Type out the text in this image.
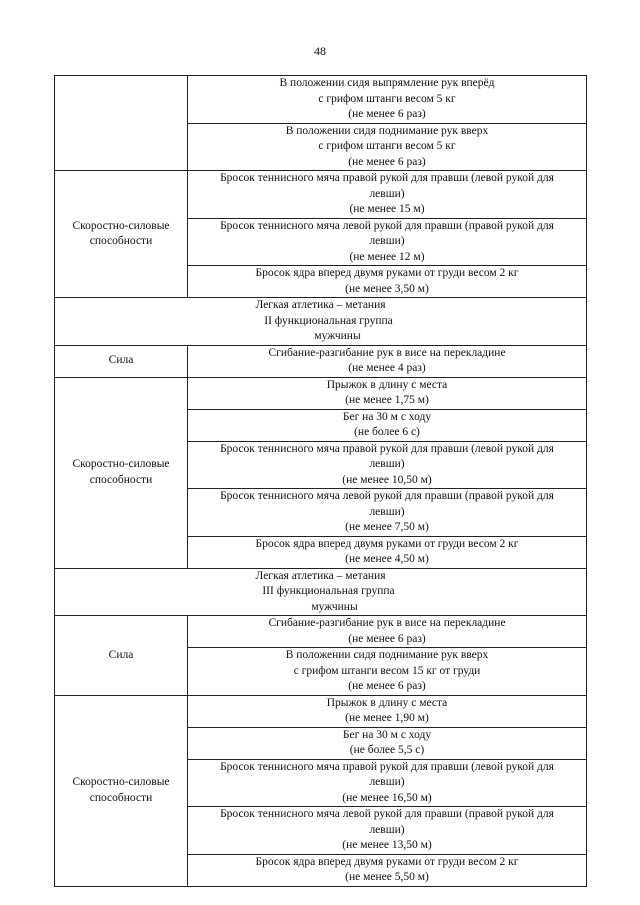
48

	В положении сидя выпрямление рук вперёд
с грифом штанги весом 5 кг
(не менее 6 раз)

	В положении сидя поднимание рук вверх
с грифом штанги весом 5 кг
(не менее 6 раз)

Скоростно-силовые способности	Бросок теннисного мяча правой рукой для правши (левой рукой для
левши)
(не менее 15 м)

	Бросок теннисного мяча левой рукой для правши (правой рукой для
левши)
(не менее 12 м)

	Бросок ядра вперед двумя руками от груди весом 2 кг
(не менее 3,50 м)

Легкая атлетика – метания
II функциональная группа
мужчины	

Сила	Сгибание-разгибание рук в висе на перекладине
(не менее 4 раз)

Скоростно-силовые способности	Прыжок в длину с места
(не менее 1,75 м)

	Бег на 30 м с ходу
(не более 6 с)

	Бросок теннисного мяча правой рукой для правши (левой рукой для
левши)
(не менее 10,50 м)

	Бросок теннисного мяча левой рукой для правши (правой рукой для
левши)
(не менее 7,50 м)

	Бросок ядра вперед двумя руками от груди весом 2 кг
(не менее 4,50 м)

Легкая атлетика – метания
III функциональная группа
мужчины	

Сила	Сгибание-разгибание рук в висе на перекладине
(не менее 6 раз)

	В положении сидя поднимание рук вверх
с грифом штанги весом 15 кг от груди
(не менее 6 раз)

Скоростно-силовые способности	Прыжок в длину с места
(не менее 1,90 м)

	Бег на 30 м с ходу
(не более 5,5 с)

	Бросок теннисного мяча правой рукой для правши (левой рукой для
левши)
(не менее 16,50 м)

	Бросок теннисного мяча левой рукой для правши (правой рукой для
левши)
(не менее 13,50 м)

	Бросок ядра вперед двумя руками от груди весом 2 кг
(не менее 5,50 м)
